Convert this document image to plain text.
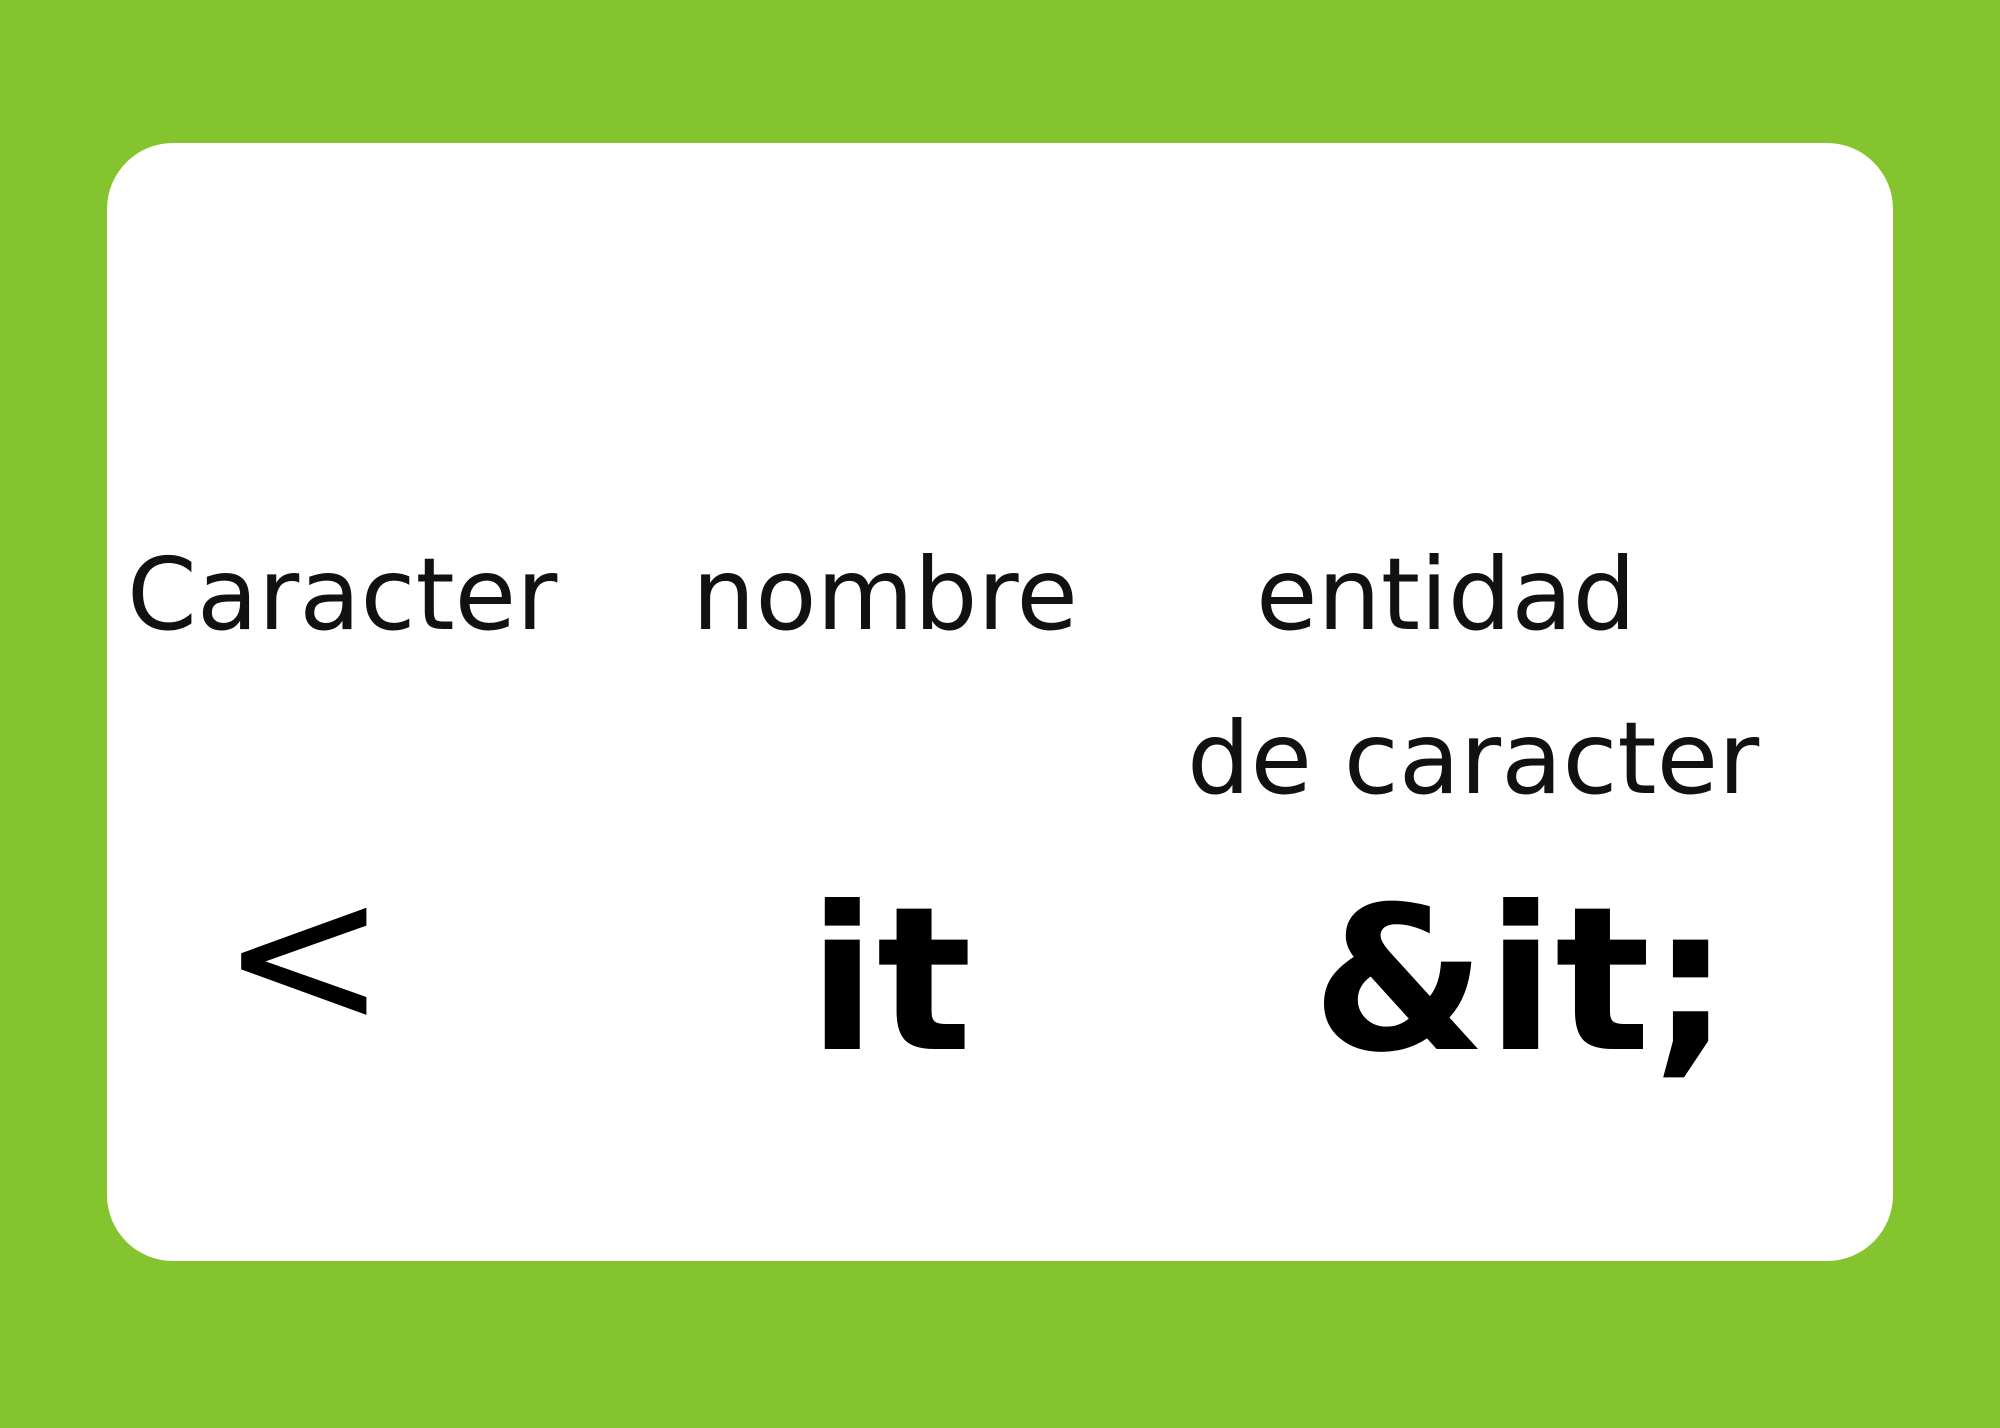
Caracter nombre entidad
de caracter
< it &it;
